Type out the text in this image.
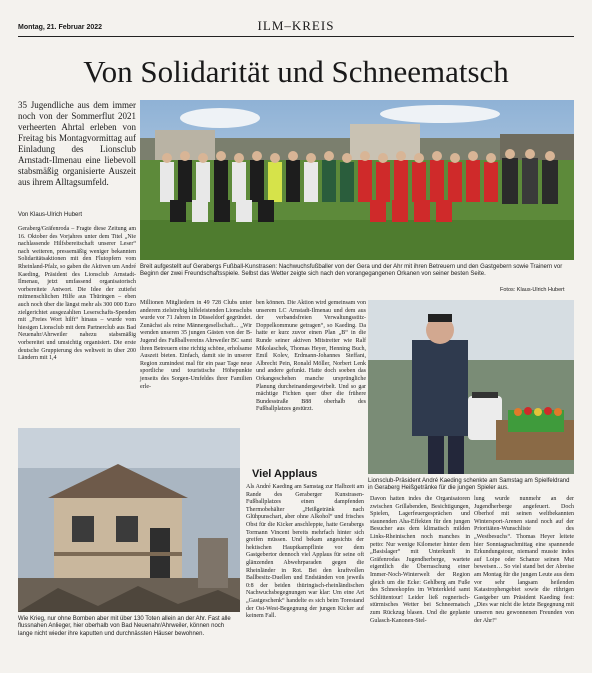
Montag, 21. Februar 2022	ILM–KREIS
Von Solidarität und Schneematsch
35 Jugendliche aus dem immer noch von der Sommerflut 2021 verheerten Ahrtal erleben von Freitag bis Montagvormittag auf Einladung des Lionsclub Arnstadt-Ilmenau eine liebevoll stabsmäßig organisierte Auszeit aus ihrem Alltagsumfeld.
Von Klaus-Ulrich Hubert
Breit aufgestellt auf Gerabergs Fußball-Kunstrasen: Nachwuchsfußballer von der Gera und der Ahr mit ihren Betreuern und den Gastgebern sowie Trainern vor Beginn der zwei Freundschaftsspiele. Selbst das Wetter zeigte sich nach den vorangegangenen Orkanen von seiner besten Seite.
Fotos: Klaus-Ulrich Hubert
Geraberg/Gräfenroda – Fragte diese Zeitung am 16. Oktober des Vorjahres unter dem Titel „Nie nachlassende Hilfsbereitschaft unserer Leser“ nach weiteren, pressemäßig weniger bekannten Solidaritätsaktionen mit den Flutopfern vom Rheinland-Pfalz, so gaben die Aktiven um André Kaeding, Präsident des Lionsclub Arnstadt-Ilmenau, jetzt umfassend organisatorisch vorbereitete Antwort. Die Idee der zutiefst mitmenschlichen Hilfe aus Thüringen – eben auch noch über die längst mehr als 300 000 Euro zielgerichtet ausgezahlten Leserschafts-Spenden mit „Freies Wort hilft“ hinaus – wurde vom hiesigen Lionsclub mit dem Partnerclub aus Bad Neuenahr/Ahrweiler nahezu stabsmäßig vorbereitet und umsichtig organisiert. Die erste deutsche Gruppierung des weltweit in über 200 Ländern mit 1,4
Millionen Mitgliedern in 49 728 Clubs unter anderem zielstrebig hilfeleistenden Lionsclubs wurde vor 71 Jahren in Düsseldorf gegründet. Zunächst als reine Männergesellschaft... „Wir wenden unseren 35 jungen Gästen von der B-Jugend des Fußballvereins Ahrweiler BC samt ihren Betreuern eine richtig schöne, erholsame Auszeit bieten. Einfach, damit sie in unserer Region zumindest mal für ein paar Tage neue sportliche und touristische Höhepunkte jenseits des Sorgen-Umfeldes ihrer Familien erle-
ben können. Die Aktion wird gemeinsam von unserem LC Arnstadt-Ilmenau und dem aus der verbandsfreien Verwaltungsstitz-Doppelkommune getragen“, so Kaeding. Da hatte er kurz zuvor einen Plan „B“ in die Runde seiner aktiven Mitstreiter wie Ralf Mikolaschek, Thomas Heyer, Henning Buch, Emil Kolev, Erdmann-Johannes Steffani, Albrecht Pein, Ronald Möller, Norbert Lenk und andere gefunkt. Hatte doch soeben das Orkangeschehen manche ursprüngliche Planung durcheinandergewirbelt. Und so gar mächtige Fichten quer über die frühere Bundesstraße B88 oberhalb des Fußballplatzes gestürzt.
Lionsclub-Präsident André Kaeding schenkte am Samstag am Spielfeldrand in Geraberg Heißgetränke für die jungen Spieler aus.
Wie Krieg, nur ohne Bomben aber mit über 130 Toten allein an der Ahr. Fast alle flussnahen Anlieger, hier oberhalb von Bad Neuenahr/Ahrweiler, können noch lange nicht wieder ihre kaputten und durchnässten Häuser bewohnen.
Viel Applaus
Als André Kaeding am Samstag zur Halbzeit am Rande des Geraberger Kunstrasen-Fußballplatzes einen dampfenden Thermobehälter „Heißgetränk nach Glühpunschart, aber ohne Alkohol“ und frisches Obst für die Kicker anschleppte, hatte Gerabergs Tormann Vincent bereits mehrfach hinter sich greifen müssen. Und bekam angesichts der hektischen Hauptkampflinie vor dem Gastgebertor dennoch viel Applaus für seine oft glänzenden Abwehrparaden gegen die Rheinländer in Rot. Bei den kraftvollen Ballbesitz-Duellen und Endständen von jeweils 0:8 der beiden thüringisch-rheinländischen Nachwuchsbegegnungen war klar: Um eine Art „Gastgeschenk“ handelte es sich beim Torestand der Ost-West-Begegnung der jungen Kicker auf keinem Fall.
Davon hatten indes die Organisatoren zwischen Grillabenden, Besichtigungen, Spielen, Lagerfeuergesprächen und staunenden Aha-Effekten für den jungen Besucher aus dem klimatisch milden Links-Rheinischen noch manches in petto: Nur wenige Kilometer hinter dem „Basislager“ mit Unterkunft in Gräfenrodas Jugendherberge, wartete eigentlich die Überraschung einer Immer-Noch-Winterwelt der Region gleich um die Ecke: Gehlberg am Fuße des Schneekopfes im Winterkleid samt Schlittentour! Leider ließ regnerisch-stürmisches Wetter bei Schneematsch zum Rückzug blasen. Und die geplante Gulasch-Kanonen-Stel-
lung wurde nunmehr an der Jugendherberge angefeuert. Doch Oberhof mit seinen weltbekannten Wintersport-Arenen stand noch auf der Prioritäten-Wunschliste des „Westbesuchs“. Thomas Heyer leitete hier Sonntagnachmittag eine spannende Erkundungstour, niemand musste indes auf Loipe oder Schanze seinen Mut beweisen… So viel stand bei der Abreise am Montag für die jungen Leute aus dem vor sehr langsam heilenden Katastrophengebiet sowie die rührigen Gastgeber um Präsident Kaeding fest: „Dies war nicht die letzte Begegnung mit unseren neu gewonnenen Freunden von der Ahr!“
